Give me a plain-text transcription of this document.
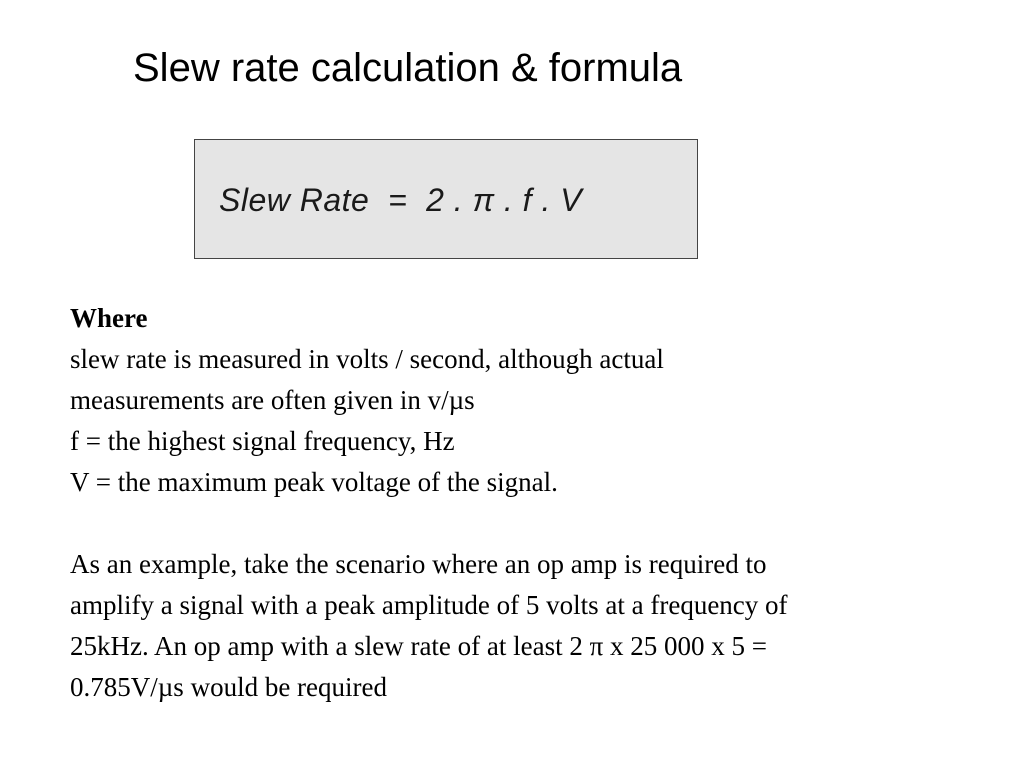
Slew rate calculation & formula
Slew Rate  =  2 . π . f . V
Where
slew rate is measured in volts / second, although actual
measurements are often given in v/µs
f = the highest signal frequency, Hz
V = the maximum peak voltage of the signal.
As an example, take the scenario where an op amp is required to
amplify a signal with a peak amplitude of 5 volts at a frequency of
25kHz. An op amp with a slew rate of at least 2 π x 25 000 x 5 =
0.785V/µs would be required
